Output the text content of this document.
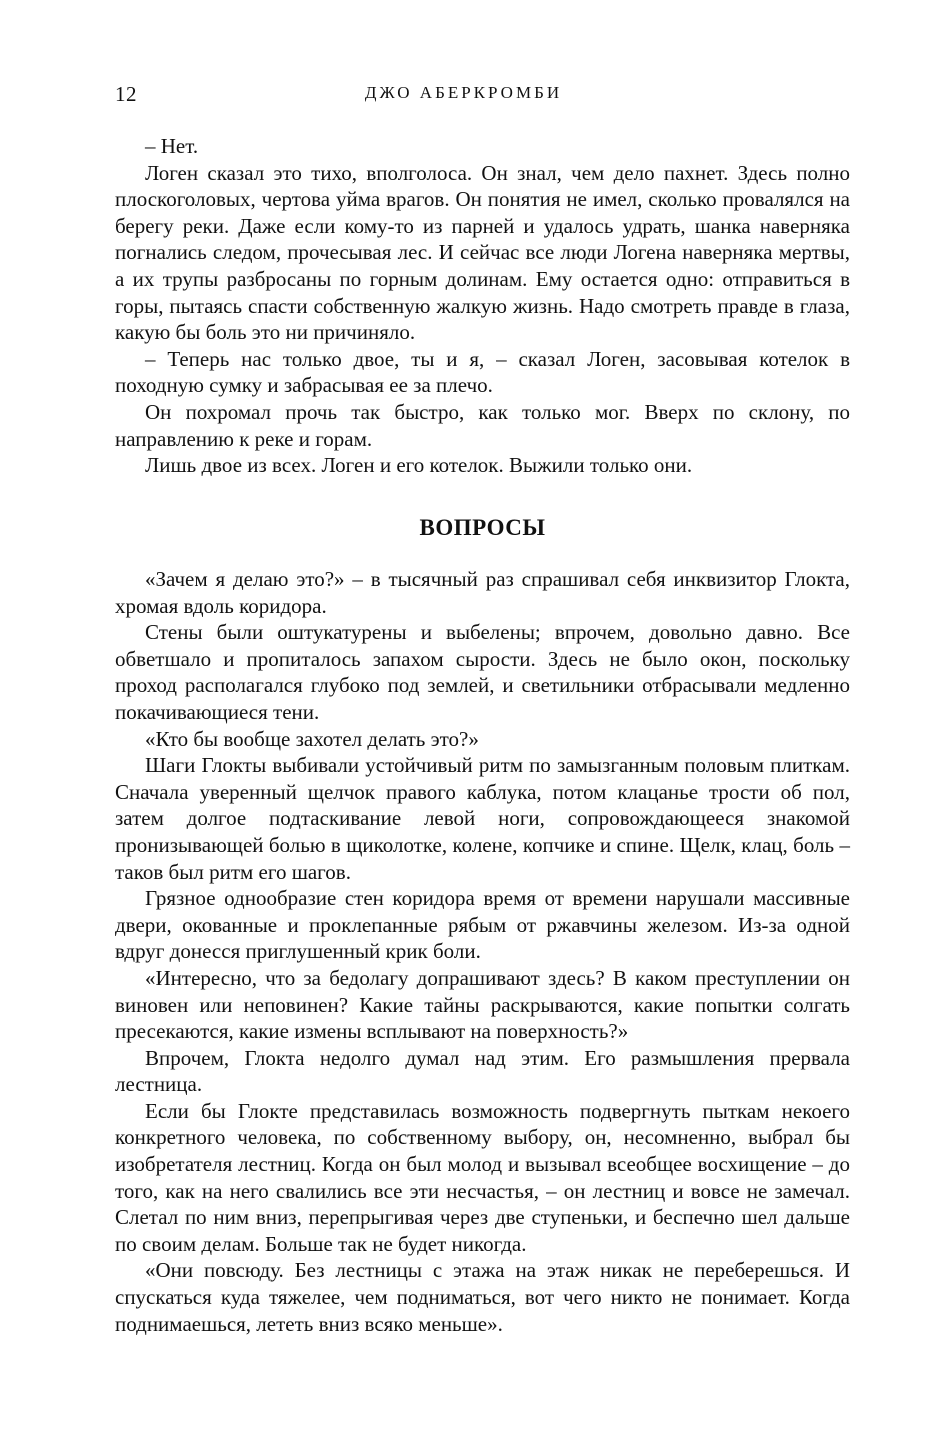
12	ДЖО АБЕРКРОМБИ

– Нет.

Логен сказал это тихо, вполголоса. Он знал, чем дело пахнет. Здесь полно плоскоголовых, чертова уйма врагов. Он понятия не имел, сколько провалялся на берегу реки. Даже если кому-то из парней и удалось удрать, шанка наверняка погнались следом, прочесывая лес. И сейчас все люди Логена наверняка мертвы, а их трупы разбросаны по горным долинам. Ему остается одно: отправиться в горы, пытаясь спасти собственную жалкую жизнь. Надо смотреть правде в глаза, какую бы боль это ни причиняло.

– Теперь нас только двое, ты и я, – сказал Логен, засовывая котелок в походную сумку и забрасывая ее за плечо.

Он похромал прочь так быстро, как только мог. Вверх по склону, по направлению к реке и горам.

Лишь двое из всех. Логен и его котелок. Выжили только они.

ВОПРОСЫ

«Зачем я делаю это?» – в тысячный раз спрашивал себя инквизитор Глокта, хромая вдоль коридора.

Стены были оштукатурены и выбелены; впрочем, довольно давно. Все обветшало и пропиталось запахом сырости. Здесь не было окон, поскольку проход располагался глубоко под землей, и светильники отбрасывали медленно покачивающиеся тени.

«Кто бы вообще захотел делать это?»

Шаги Глокты выбивали устойчивый ритм по замызганным половым плиткам. Сначала уверенный щелчок правого каблука, потом клацанье трости об пол, затем долгое подтаскивание левой ноги, сопровождающееся знакомой пронизывающей болью в щиколотке, колене, копчике и спине. Щелк, клац, боль – таков был ритм его шагов.

Грязное однообразие стен коридора время от времени нарушали массивные двери, окованные и проклепанные рябым от ржавчины железом. Из-за одной вдруг донесся приглушенный крик боли.

«Интересно, что за бедолагу допрашивают здесь? В каком преступлении он виновен или неповинен? Какие тайны раскрываются, какие попытки солгать пресекаются, какие измены всплывают на поверхность?»

Впрочем, Глокта недолго думал над этим. Его размышления прервала лестница.

Если бы Глокте представилась возможность подвергнуть пыткам некоего конкретного человека, по собственному выбору, он, несомненно, выбрал бы изобретателя лестниц. Когда он был молод и вызывал всеобщее восхищение – до того, как на него свалились все эти несчастья, – он лестниц и вовсе не замечал. Слетал по ним вниз, перепрыгивая через две ступеньки, и беспечно шел дальше по своим делам. Больше так не будет никогда.

«Они повсюду. Без лестницы с этажа на этаж никак не переберешься. И спускаться куда тяжелее, чем подниматься, вот чего никто не понимает. Когда поднимаешься, лететь вниз всяко меньше».
